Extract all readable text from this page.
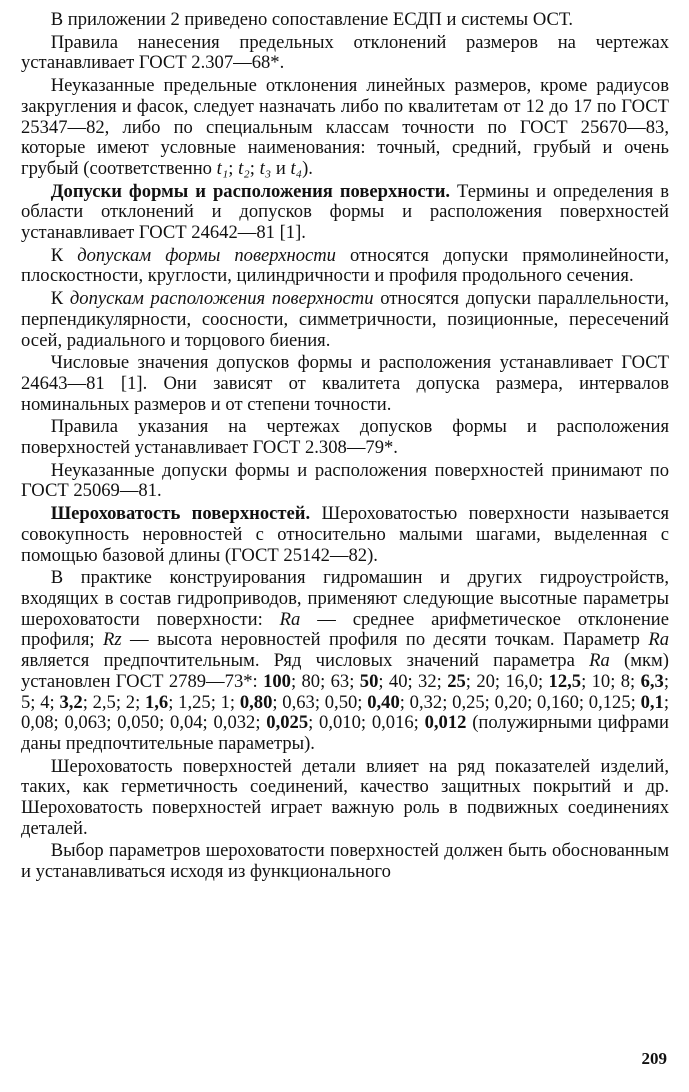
В приложении 2 приведено сопоставление ЕСДП и системы ОСТ.

Правила нанесения предельных отклонений размеров на чертежах устанавливает ГОСТ 2.307—68*.

Неуказанные предельные отклонения линейных размеров, кроме радиусов закругления и фасок, следует назначать либо по квалитетам от 12 до 17 по ГОСТ 25347—82, либо по специальным классам точности по ГОСТ 25670—83, которые имеют условные наименования: точный, средний, грубый и очень грубый (соответственно t₁; t₂; t₃ и t₄).

Допуски формы и расположения поверхности. Термины и определения в области отклонений и допусков формы и расположения поверхностей устанавливает ГОСТ 24642—81 [1].

К допускам формы поверхности относятся допуски прямолинейности, плоскостности, круглости, цилиндричности и профиля продольного сечения.

К допускам расположения поверхности относятся допуски параллельности, перпендикулярности, соосности, симметричности, позиционные, пересечений осей, радиального и торцового биения.

Числовые значения допусков формы и расположения устанавливает ГОСТ 24643—81 [1]. Они зависят от квалитета допуска размера, интервалов номинальных размеров и от степени точности.

Правила указания на чертежах допусков формы и расположения поверхностей устанавливает ГОСТ 2.308—79*.

Неуказанные допуски формы и расположения поверхностей принимают по ГОСТ 25069—81.

Шероховатость поверхностей. Шероховатостью поверхности называется совокупность неровностей с относительно малыми шагами, выделенная с помощью базовой длины (ГОСТ 25142—82).

В практике конструирования гидромашин и других гидроустройств, входящих в состав гидроприводов, применяют следующие высотные параметры шероховатости поверхности: Ra — среднее арифметическое отклонение профиля; Rz — высота неровностей профиля по десяти точкам. Параметр Ra является предпочтительным. Ряд числовых значений параметра Ra (мкм) установлен ГОСТ 2789—73*: 100; 80; 63; 50; 40; 32; 25; 20; 16,0; 12,5; 10; 8; 6,3; 5; 4; 3,2; 2,5; 2; 1,6; 1,25; 1; 0,80; 0,63; 0,50; 0,40; 0,32; 0,25; 0,20; 0,160; 0,125; 0,1; 0,08; 0,063; 0,050; 0,04; 0,032; 0,025; 0,010; 0,016; 0,012 (полужирными цифрами даны предпочтительные параметры).

Шероховатость поверхностей детали влияет на ряд показателей изделий, таких, как герметичность соединений, качество защитных покрытий и др. Шероховатость поверхностей играет важную роль в подвижных соединениях деталей.

Выбор параметров шероховатости поверхностей должен быть обоснованным и устанавливаться исходя из функционального

209
